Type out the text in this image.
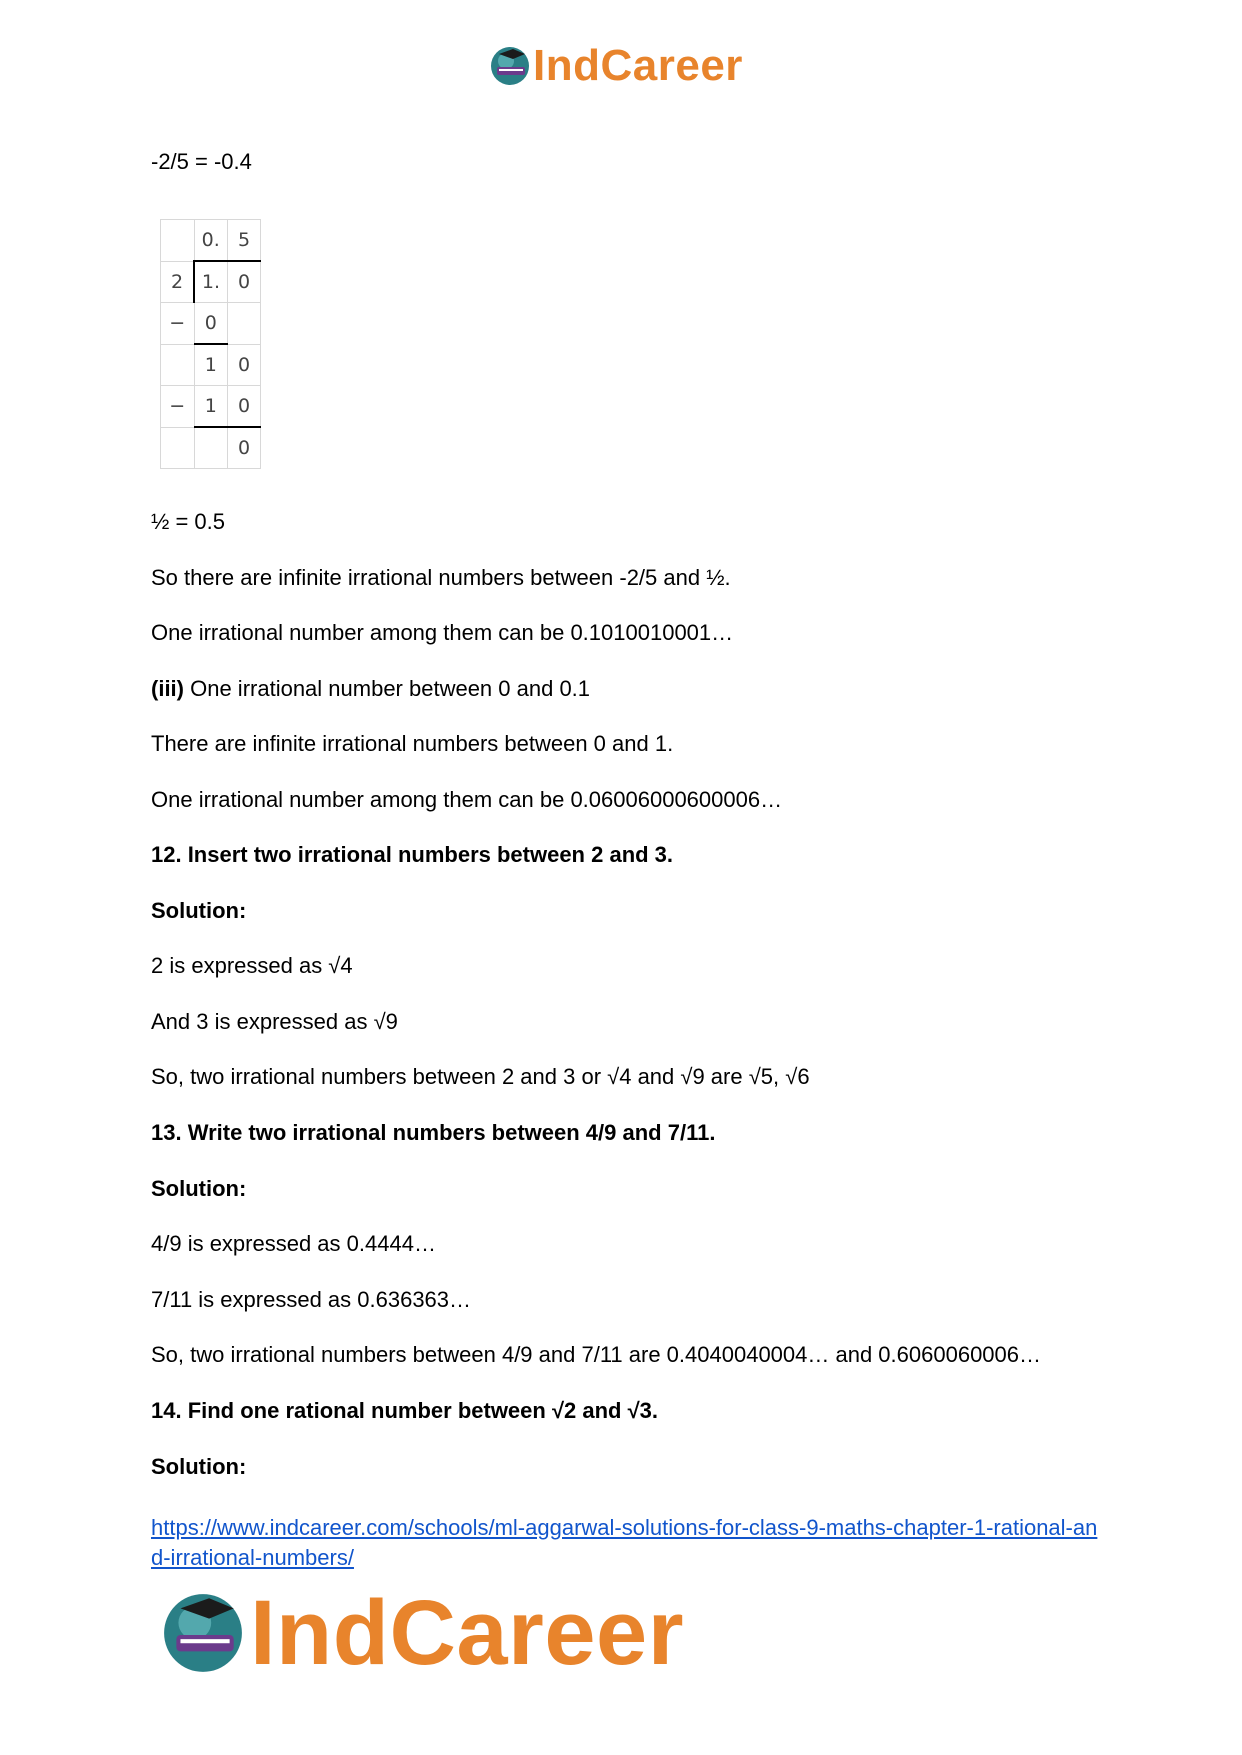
IndCareer
-2/5 = -0.4
	0.	5
2	1.	0
−	0	
	1	0
−	1	0
		0
½ = 0.5
So there are infinite irrational numbers between -2/5 and ½.
One irrational number among them can be 0.1010010001…
(iii) One irrational number between 0 and 0.1
There are infinite irrational numbers between 0 and 1.
One irrational number among them can be 0.06006000600006…
12. Insert two irrational numbers between 2 and 3.
Solution:
2 is expressed as √4
And 3 is expressed as √9
So, two irrational numbers between 2 and 3 or √4 and √9 are √5, √6
13. Write two irrational numbers between 4/9 and 7/11.
Solution:
4/9 is expressed as 0.4444…
7/11 is expressed as 0.636363…
So, two irrational numbers between 4/9 and 7/11 are 0.4040040004… and 0.6060060006…
14. Find one rational number between √2 and √3.
Solution:
https://www.indcareer.com/schools/ml-aggarwal-solutions-for-class-9-maths-chapter-1-rational-and-irrational-numbers/
IndCareer
